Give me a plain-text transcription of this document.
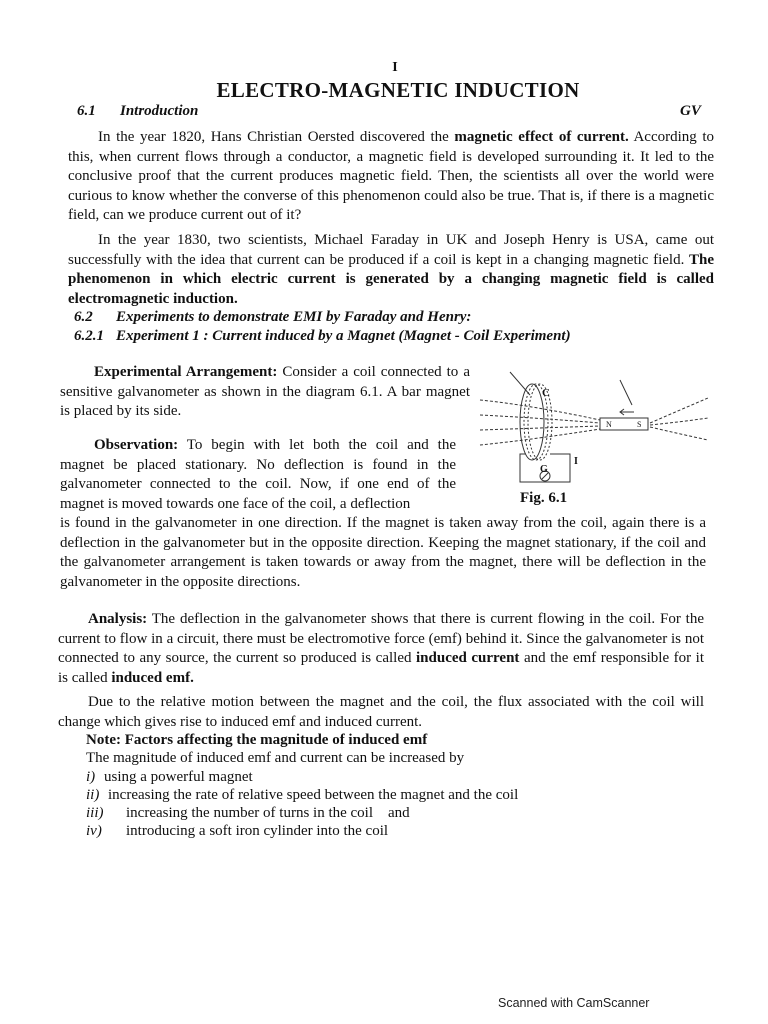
I
ELECTRO-MAGNETIC INDUCTION
6.1 Introduction	GV
In the year 1820, Hans Christian Oersted discovered the magnetic effect of current. According to this, when current flows through a conductor, a magnetic field is developed surrounding it. It led to the conclusive proof that the current produces magnetic field. Then, the scientists all over the world were curious to know whether the converse of this phenomenon could also be true. That is, if there is a magnetic field, can we produce current out of it?
In the year 1830, two scientists, Michael Faraday in UK and Joseph Henry is USA, came out successfully with the idea that current can be produced if a coil is kept in a changing magnetic field. The phenomenon in which electric current is generated by a changing magnetic field is called electromagnetic induction.
6.2 Experiments to demonstrate EMI by Faraday and Henry:
6.2.1 Experiment 1 : Current induced by a Magnet (Magnet - Coil Experiment)
Experimental Arrangement: Consider a coil connected to a sensitive galvanometer as shown in the diagram 6.1. A bar magnet is placed by its side.
Observation: To begin with let both the coil and the magnet be placed stationary. No deflection is found in the galvanometer connected to the coil. Now, if one end of the magnet is moved towards one face of the coil, a deflection
is found in the galvanometer in one direction. If the magnet is taken away from the coil, again there is a deflection in the galvanometer but in the opposite direction. Keeping the magnet stationary, if the coil and the galvanometer arrangement is taken towards or away from the magnet, there will be deflection in the galvanometer in the opposite directions.
C
G
I
N	S
Fig. 6.1
Analysis: The deflection in the galvanometer shows that there is current flowing in the coil. For the current to flow in a circuit, there must be electromotive force (emf) behind it. Since the galvanometer is not connected to any source, the current so produced is called induced current and the emf responsible for it is called induced emf.
Due to the relative motion between the magnet and the coil, the flux associated with the coil will change which gives rise to induced emf and induced current.
Note: Factors affecting the magnitude of induced emf
The magnitude of induced emf and current can be increased by
i) using a powerful magnet
ii) increasing the rate of relative speed between the magnet and the coil
iii) increasing the number of turns in the coil    and
iv) introducing a soft iron cylinder into the coil
Scanned with CamScanner
